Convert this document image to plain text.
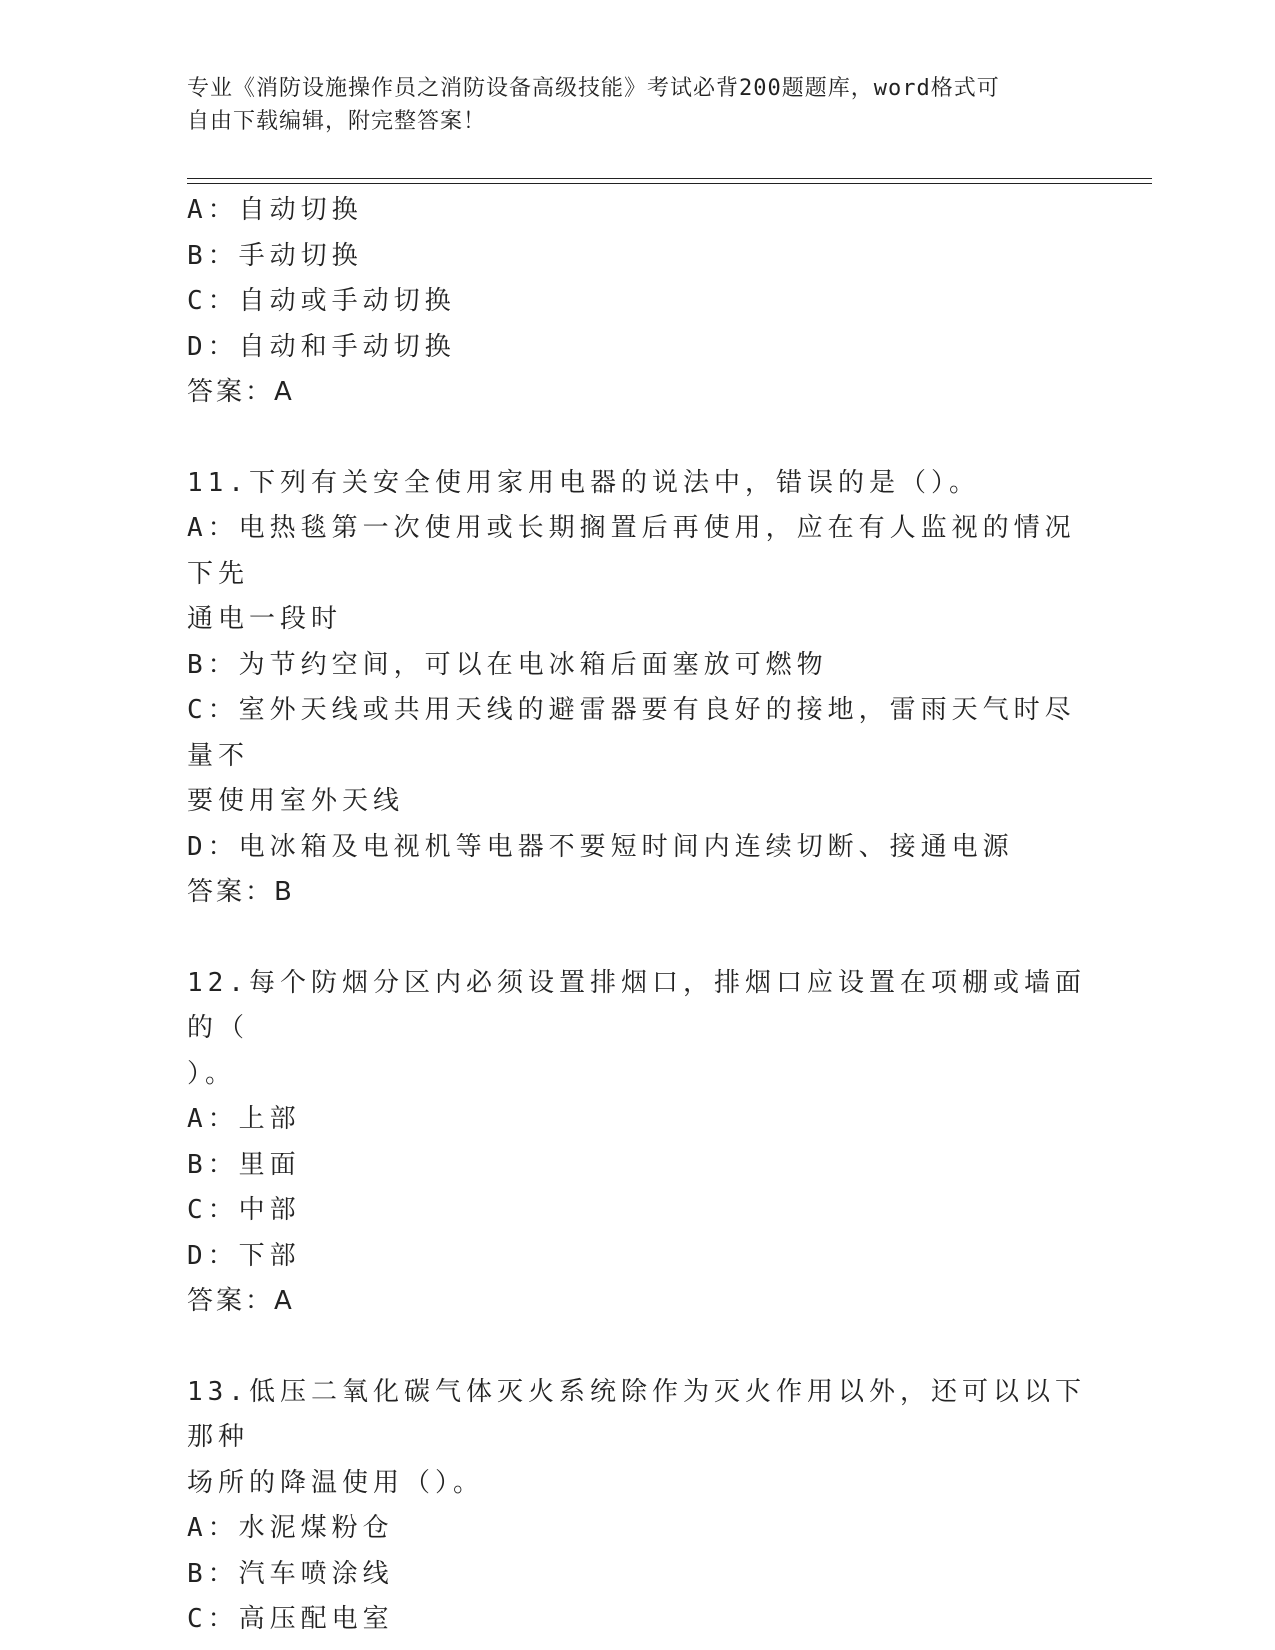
专业《消防设施操作员之消防设备高级技能》考试必背200题题库，word格式可
自由下载编辑，附完整答案！
A：自动切换
B：手动切换
C：自动或手动切换
D：自动和手动切换
答案：A
11.下列有关安全使用家用电器的说法中，错误的是（）。
A：电热毯第一次使用或长期搁置后再使用，应在有人监视的情况下先
通电一段时
B：为节约空间，可以在电冰箱后面塞放可燃物
C：室外天线或共用天线的避雷器要有良好的接地，雷雨天气时尽量不
要使用室外天线
D：电冰箱及电视机等电器不要短时间内连续切断、接通电源
答案：B
12.每个防烟分区内必须设置排烟口，排烟口应设置在项棚或墙面的（
）。
A：上部
B：里面
C：中部
D：下部
答案：A
13.低压二氧化碳气体灭火系统除作为灭火作用以外，还可以以下那种
场所的降温使用（）。
A：水泥煤粉仓
B：汽车喷涂线
C：高压配电室
